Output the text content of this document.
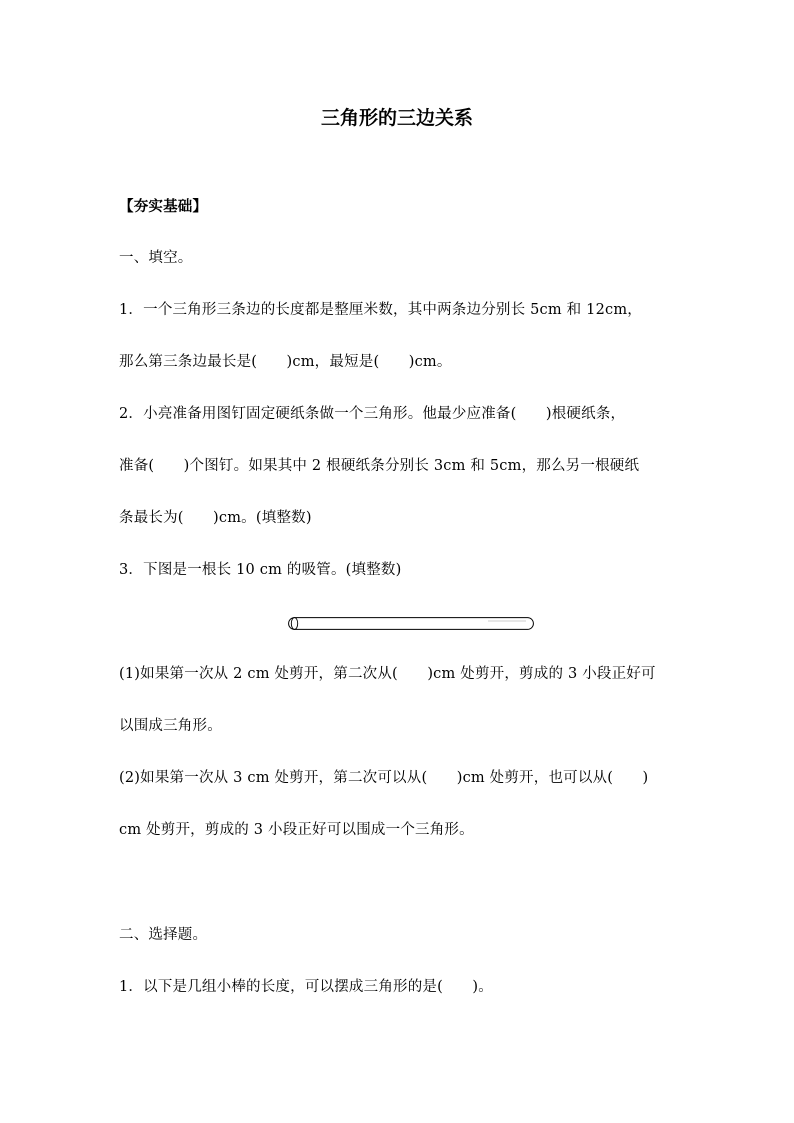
三角形的三边关系
【夯实基础】
一、填空。
1．一个三角形三条边的长度都是整厘米数，其中两条边分别长 5cm 和 12cm，
那么第三条边最长是(　　)cm，最短是(　　)cm。
2．小亮准备用图钉固定硬纸条做一个三角形。他最少应准备(　　)根硬纸条，
准备(　　)个图钉。如果其中 2 根硬纸条分别长 3cm 和 5cm，那么另一根硬纸
条最长为(　　)cm。(填整数)
3．下图是一根长 10 cm 的吸管。(填整数)
(1)如果第一次从 2 cm 处剪开，第二次从(　　)cm 处剪开，剪成的 3 小段正好可
以围成三角形。
(2)如果第一次从 3 cm 处剪开，第二次可以从(　　)cm 处剪开，也可以从(　　)
cm 处剪开，剪成的 3 小段正好可以围成一个三角形。
二、选择题。
1．以下是几组小棒的长度，可以摆成三角形的是(　　)。
